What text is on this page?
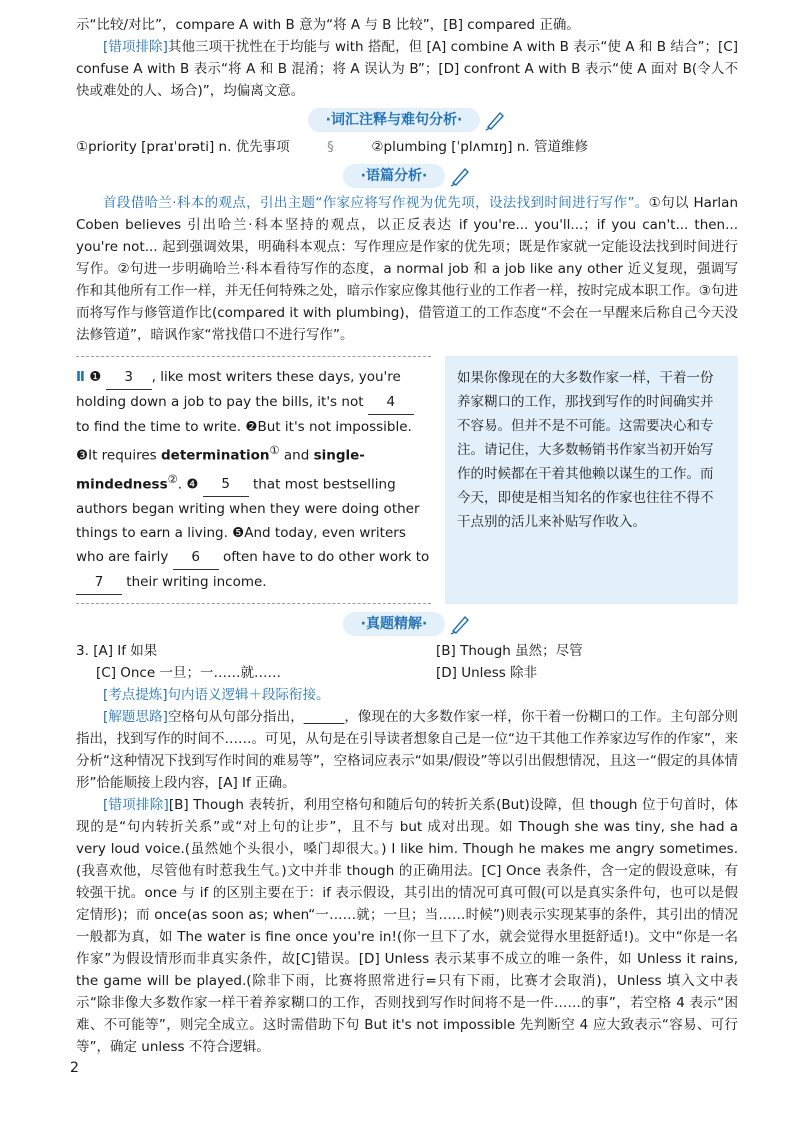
示“比较/对比”，compare A with B 意为“将 A 与 B 比较”，[B] compared 正确。

[错项排除]其他三项干扰性在于均能与 with 搭配，但 [A] combine A with B 表示“使 A 和 B 结合”；[C] confuse A with B 表示“将 A 和 B 混淆；将 A 误认为 B”；[D] confront A with B 表示“使 A 面对 B(令人不快或难处的人、场合)”，均偏离文意。

·词汇注释与难句分析·
①priority [praɪˈɒrəti] n. 优先事项	§	②plumbing [ˈplʌmɪŋ] n. 管道维修
·语篇分析·

首段借哈兰·科本的观点，引出主题“作家应将写作视为优先项，设法找到时间进行写作”。①句以 Harlan Coben believes 引出哈兰·科本坚持的观点，以正反表达 if you're... you'll...；if you can't... then... you're not... 起到强调效果，明确科本观点：写作理应是作家的优先项；既是作家就一定能设法找到时间进行写作。②句进一步明确哈兰·科本看待写作的态度，a normal job 和 a job like any other 近义复现，强调写作和其他所有工作一样，并无任何特殊之处，暗示作家应像其他行业的工作者一样，按时完成本职工作。③句进而将写作与修管道作比(compared it with plumbing)，借管道工的工作态度“不会在一早醒来后称自己今天没法修管道”，暗讽作家“常找借口不进行写作”。

Ⅱ ❶ 3 , like most writers these days, you're holding down a job to pay the bills, it's not 4 to find the time to write. ❷But it's not impossible. ❸It requires determination① and single-mindedness②. ❹ 5 that most bestselling authors began writing when they were doing other things to earn a living. ❺And today, even writers who are fairly 6 often have to do other work to 7 their writing income.
如果你像现在的大多数作家一样，干着一份养家糊口的工作，那找到写作的时间确实并不容易。但并不是不可能。这需要决心和专注。请记住，大多数畅销书作家当初开始写作的时候都在干着其他赖以谋生的工作。而今天，即使是相当知名的作家也往往不得不干点别的活儿来补贴写作收入。
·真题精解·
3. [A] If 如果	[B] Though 虽然；尽管
[C] Once 一旦；一……就……	[D] Unless 除非

[考点提炼]句内语义逻辑＋段际衔接。

[解题思路]空格句从句部分指出，______，像现在的大多数作家一样，你干着一份糊口的工作。主句部分则指出，找到写作的时间不……。可见，从句是在引导读者想象自己是一位“边干其他工作养家边写作的作家”，来分析“这种情况下找到写作时间的难易等”，空格词应表示“如果/假设”等以引出假想情况，且这一“假定的具体情形”恰能顺接上段内容，[A] If 正确。

[错项排除][B] Though 表转折，利用空格句和随后句的转折关系(But)设障，但 though 位于句首时，体现的是“句内转折关系”或“对上句的让步”，且不与 but 成对出现。如 Though she was tiny, she had a very loud voice.(虽然她个头很小，嗓门却很大。) I like him. Though he makes me angry sometimes.(我喜欢他，尽管他有时惹我生气。)文中并非 though 的正确用法。[C] Once 表条件，含一定的假设意味，有较强干扰。once 与 if 的区别主要在于：if 表示假设，其引出的情况可真可假(可以是真实条件句，也可以是假定情形)；而 once(as soon as; when“一……就；一旦；当……时候”)则表示实现某事的条件，其引出的情况一般都为真，如 The water is fine once you're in!(你一旦下了水，就会觉得水里挺舒适!)。文中“你是一名作家”为假设情形而非真实条件，故[C]错误。[D] Unless 表示某事不成立的唯一条件，如 Unless it rains, the game will be played.(除非下雨，比赛将照常进行=只有下雨，比赛才会取消)，Unless 填入文中表示“除非像大多数作家一样干着养家糊口的工作，否则找到写作时间将不是一件……的事”，若空格 4 表示“困难、不可能等”，则完全成立。这时需借助下句 But it's not impossible 先判断空 4 应大致表示“容易、可行等”，确定 unless 不符合逻辑。

2
